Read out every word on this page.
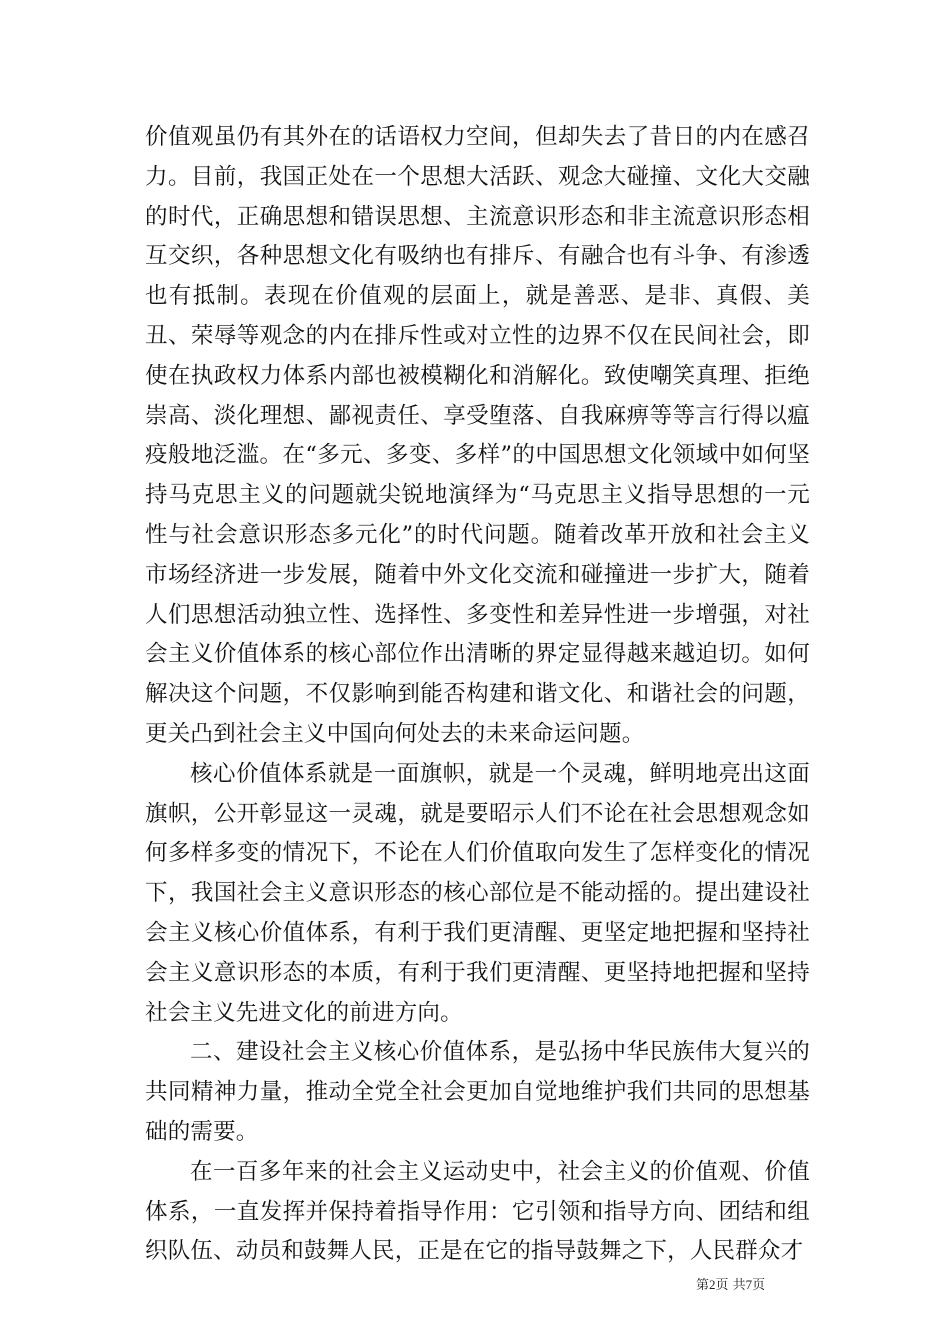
价值观虽仍有其外在的话语权力空间，但却失去了昔日的内在感召力。目前，我国正处在一个思想大活跃、观念大碰撞、文化大交融的时代，正确思想和错误思想、主流意识形态和非主流意识形态相互交织，各种思想文化有吸纳也有排斥、有融合也有斗争、有渗透也有抵制。表现在价值观的层面上，就是善恶、是非、真假、美丑、荣辱等观念的内在排斥性或对立性的边界不仅在民间社会，即使在执政权力体系内部也被模糊化和消解化。致使嘲笑真理、拒绝崇高、淡化理想、鄙视责任、享受堕落、自我麻痹等等言行得以瘟疫般地泛滥。在“多元、多变、多样”的中国思想文化领域中如何坚持马克思主义的问题就尖锐地演绎为“马克思主义指导思想的一元性与社会意识形态多元化”的时代问题。随着改革开放和社会主义市场经济进一步发展，随着中外文化交流和碰撞进一步扩大，随着人们思想活动独立性、选择性、多变性和差异性进一步增强，对社会主义价值体系的核心部位作出清晰的界定显得越来越迫切。如何解决这个问题，不仅影响到能否构建和谐文化、和谐社会的问题，更关凸到社会主义中国向何处去的未来命运问题。

核心价值体系就是一面旗帜，就是一个灵魂，鲜明地亮出这面旗帜，公开彰显这一灵魂，就是要昭示人们不论在社会思想观念如何多样多变的情况下，不论在人们价值取向发生了怎样变化的情况下，我国社会主义意识形态的核心部位是不能动摇的。提出建设社会主义核心价值体系，有利于我们更清醒、更坚定地把握和坚持社会主义意识形态的本质，有利于我们更清醒、更坚持地把握和坚持社会主义先进文化的前进方向。

二、建设社会主义核心价值体系，是弘扬中华民族伟大复兴的共同精神力量，推动全党全社会更加自觉地维护我们共同的思想基础的需要。

在一百多年来的社会主义运动史中，社会主义的价值观、价值体系，一直发挥并保持着指导作用：它引领和指导方向、团结和组织队伍、动员和鼓舞人民，正是在它的指导鼓舞之下，人民群众才

第2页 共7页
